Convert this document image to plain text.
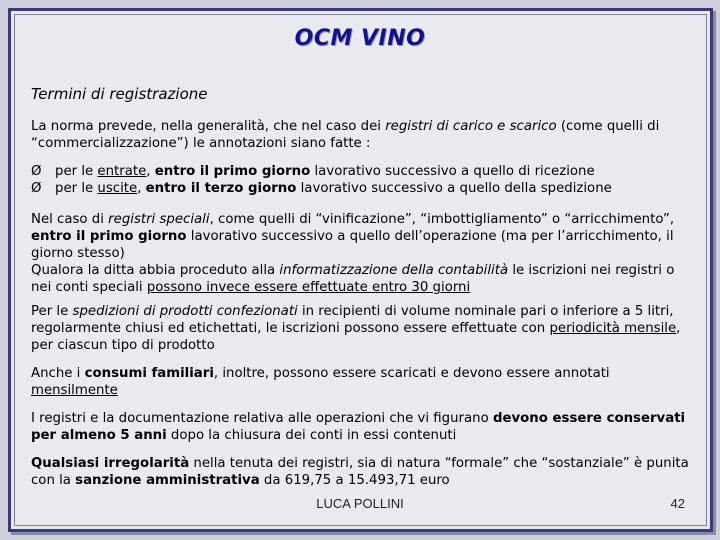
OCM VINO
Termini di registrazione

La norma prevede, nella generalità, che nel caso dei registri di carico e scarico (come quelli di “commercializzazione”) le annotazioni siano fatte :

Ø	per le entrate, entro il primo giorno lavorativo successivo a quello di ricezione
Ø	per le uscite, entro il terzo giorno lavorativo successivo a quello della spedizione

Nel caso di registri speciali, come quelli di “vinificazione”, “imbottigliamento” o “arricchimento”, entro il primo giorno lavorativo successivo a quello dell’operazione (ma per l’arricchimento, il giorno stesso)

Qualora la ditta abbia proceduto alla informatizzazione della contabilità le iscrizioni nei registri o nei conti speciali possono invece essere effettuate entro 30 giorni

Per le spedizioni di prodotti confezionati in recipienti di volume nominale pari o inferiore a 5 litri, regolarmente chiusi ed etichettati, le iscrizioni possono essere effettuate con periodicità mensile, per ciascun tipo di prodotto

Anche i consumi familiari, inoltre, possono essere scaricati e devono essere annotati mensilmente

I registri e la documentazione relativa alle operazioni che vi figurano devono essere conservati per almeno 5 anni dopo la chiusura dei conti in essi contenuti

Qualsiasi irregolarità nella tenuta dei registri, sia di natura “formale” che “sostanziale” è punita con la sanzione amministrativa da 619,75 a 15.493,71 euro

LUCA POLLINI	42
